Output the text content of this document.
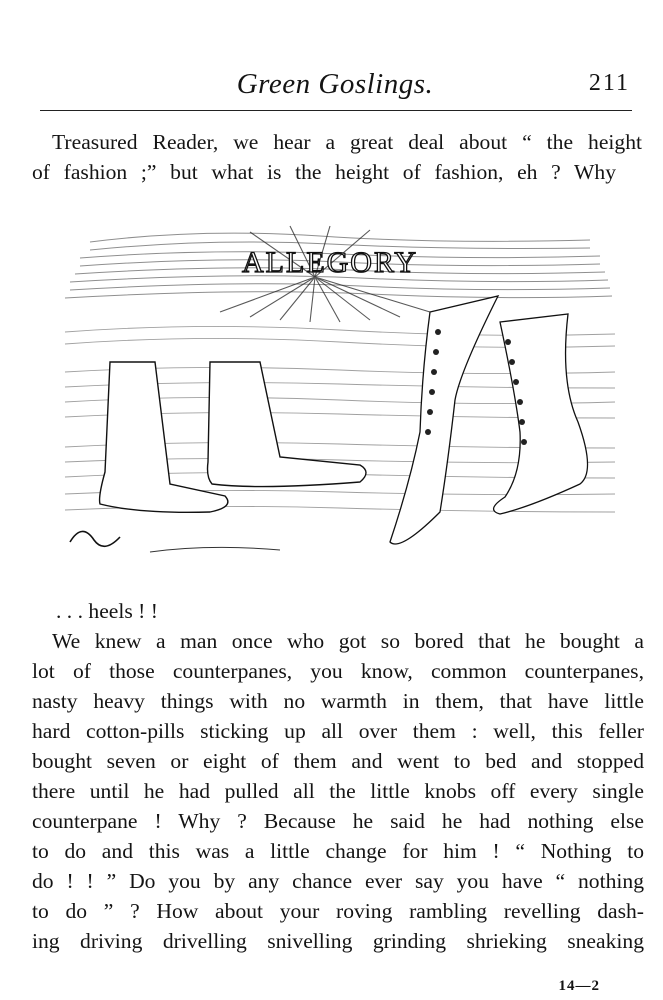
Green Goslings.	211
Treasured Reader, we hear a great deal about “ the height
of fashion ;” but what is the height of fashion, eh ? Why
ALLEGORY
. . . heels ! !
We knew a man once who got so bored that he bought a
lot of those counterpanes, you know, common counterpanes,
nasty heavy things with no warmth in them, that have little
hard cotton-pills sticking up all over them : well, this feller
bought seven or eight of them and went to bed and stopped
there until he had pulled all the little knobs off every single
counterpane ! Why ? Because he said he had nothing else
to do and this was a little change for him ! “ Nothing to
do ! ! ” Do you by any chance ever say you have “ nothing
to do ” ? How about your roving rambling revelling dash-
ing driving drivelling snivelling grinding shrieking sneaking
14—2
